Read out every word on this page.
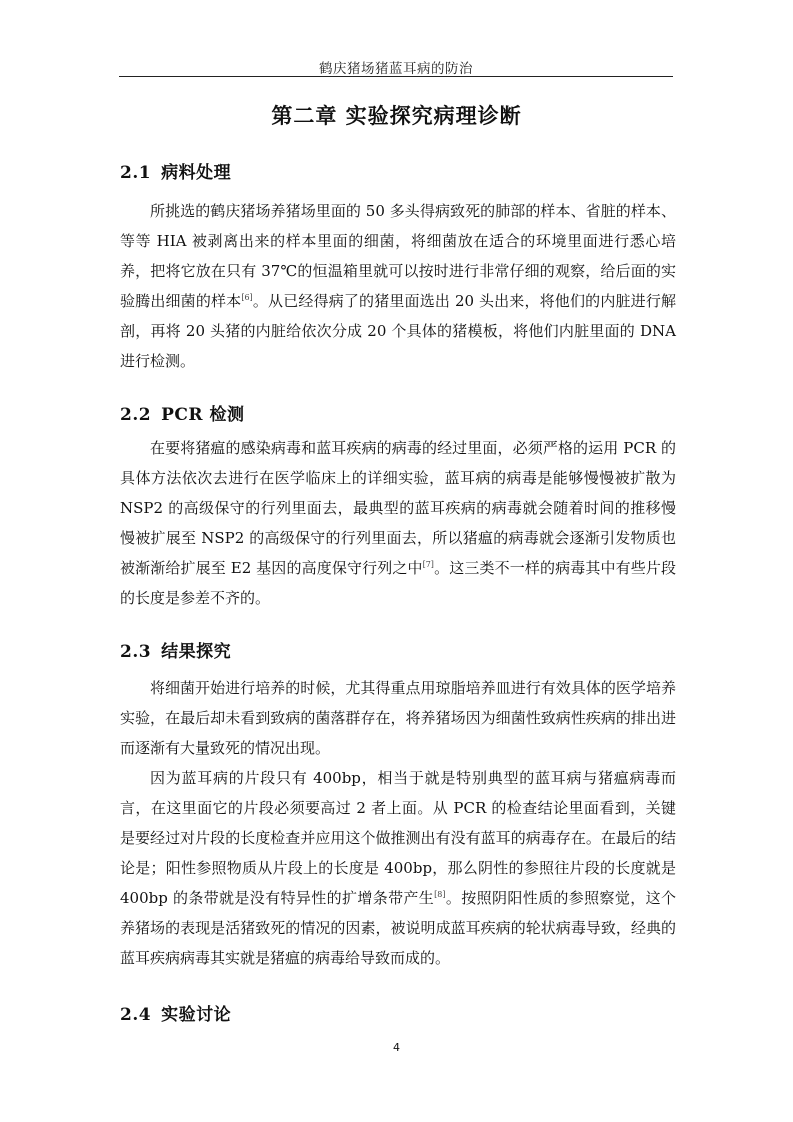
鹤庆猪场猪蓝耳病的防治
第二章 实验探究病理诊断
2.1 病料处理

所挑选的鹤庆猪场养猪场里面的 50 多头得病致死的肺部的样本、省脏的样本、等等 HIA 被剥离出来的样本里面的细菌，将细菌放在适合的环境里面进行悉心培养，把将它放在只有 37℃的恒温箱里就可以按时进行非常仔细的观察，给后面的实验腾出细菌的样本[6]。从已经得病了的猪里面选出 20 头出来，将他们的内脏进行解剖，再将 20 头猪的内脏给依次分成 20 个具体的猪模板，将他们内脏里面的 DNA 进行检测。

2.2 PCR 检测

在要将猪瘟的感染病毒和蓝耳疾病的病毒的经过里面，必须严格的运用 PCR 的具体方法依次去进行在医学临床上的详细实验，蓝耳病的病毒是能够慢慢被扩散为 NSP2 的高级保守的行列里面去，最典型的蓝耳疾病的病毒就会随着时间的推移慢慢被扩展至 NSP2 的高级保守的行列里面去，所以猪瘟的病毒就会逐渐引发物质也被渐渐给扩展至 E2 基因的高度保守行列之中[7]。这三类不一样的病毒其中有些片段的长度是参差不齐的。

2.3 结果探究

将细菌开始进行培养的时候，尤其得重点用琼脂培养皿进行有效具体的医学培养实验，在最后却未看到致病的菌落群存在，将养猪场因为细菌性致病性疾病的排出进而逐渐有大量致死的情况出现。

因为蓝耳病的片段只有 400bp，相当于就是特别典型的蓝耳病与猪瘟病毒而言，在这里面它的片段必须要高过 2 者上面。从 PCR 的检查结论里面看到，关键是要经过对片段的长度检查并应用这个做推测出有没有蓝耳的病毒存在。在最后的结论是；阳性参照物质从片段上的长度是 400bp，那么阴性的参照往片段的长度就是 400bp 的条带就是没有特异性的扩增条带产生[8]。按照阴阳性质的参照察觉，这个养猪场的表现是活猪致死的情况的因素，被说明成蓝耳疾病的轮状病毒导致，经典的蓝耳疾病病毒其实就是猪瘟的病毒给导致而成的。

2.4 实验讨论
4
